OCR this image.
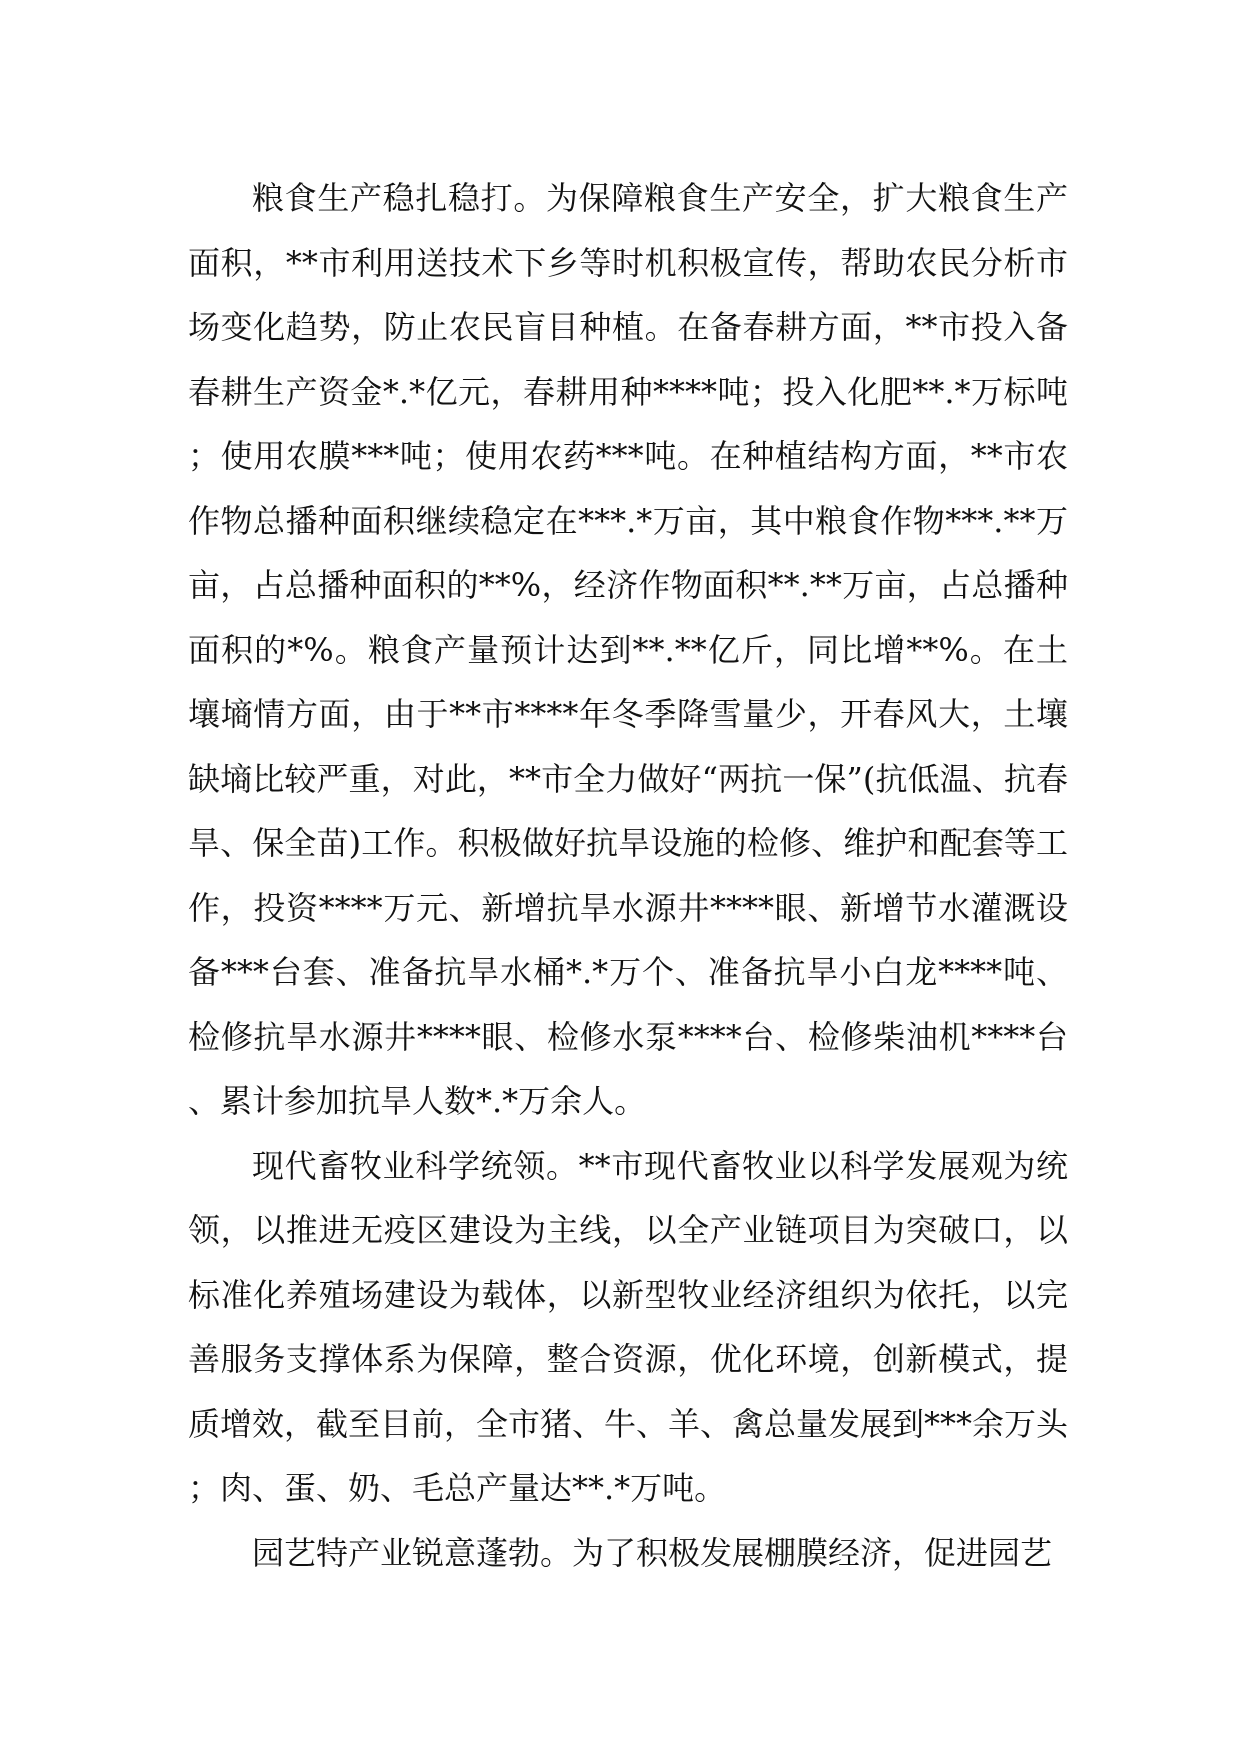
粮食生产稳扎稳打。为保障粮食生产安全，扩大粮食生产面积，**市利用送技术下乡等时机积极宣传，帮助农民分析市场变化趋势，防止农民盲目种植。在备春耕方面，**市投入备春耕生产资金*.*亿元，春耕用种****吨；投入化肥**.*万标吨；使用农膜***吨；使用农药***吨。在种植结构方面，**市农作物总播种面积继续稳定在***.*万亩，其中粮食作物***.**万亩，占总播种面积的**%，经济作物面积**.**万亩，占总播种面积的*%。粮食产量预计达到**.**亿斤，同比增**%。在土壤墒情方面，由于**市****年冬季降雪量少，开春风大，土壤缺墒比较严重，对此，**市全力做好“两抗一保”(抗低温、抗春旱、保全苗)工作。积极做好抗旱设施的检修、维护和配套等工作，投资****万元、新增抗旱水源井****眼、新增节水灌溉设备***台套、准备抗旱水桶*.*万个、准备抗旱小白龙****吨、检修抗旱水源井****眼、检修水泵****台、检修柴油机****台、累计参加抗旱人数*.*万余人。

现代畜牧业科学统领。**市现代畜牧业以科学发展观为统领，以推进无疫区建设为主线，以全产业链项目为突破口，以标准化养殖场建设为载体，以新型牧业经济组织为依托，以完善服务支撑体系为保障，整合资源，优化环境，创新模式，提质增效，截至目前，全市猪、牛、羊、禽总量发展到***余万头；肉、蛋、奶、毛总产量达**.*万吨。

园艺特产业锐意蓬勃。为了积极发展棚膜经济，促进园艺
